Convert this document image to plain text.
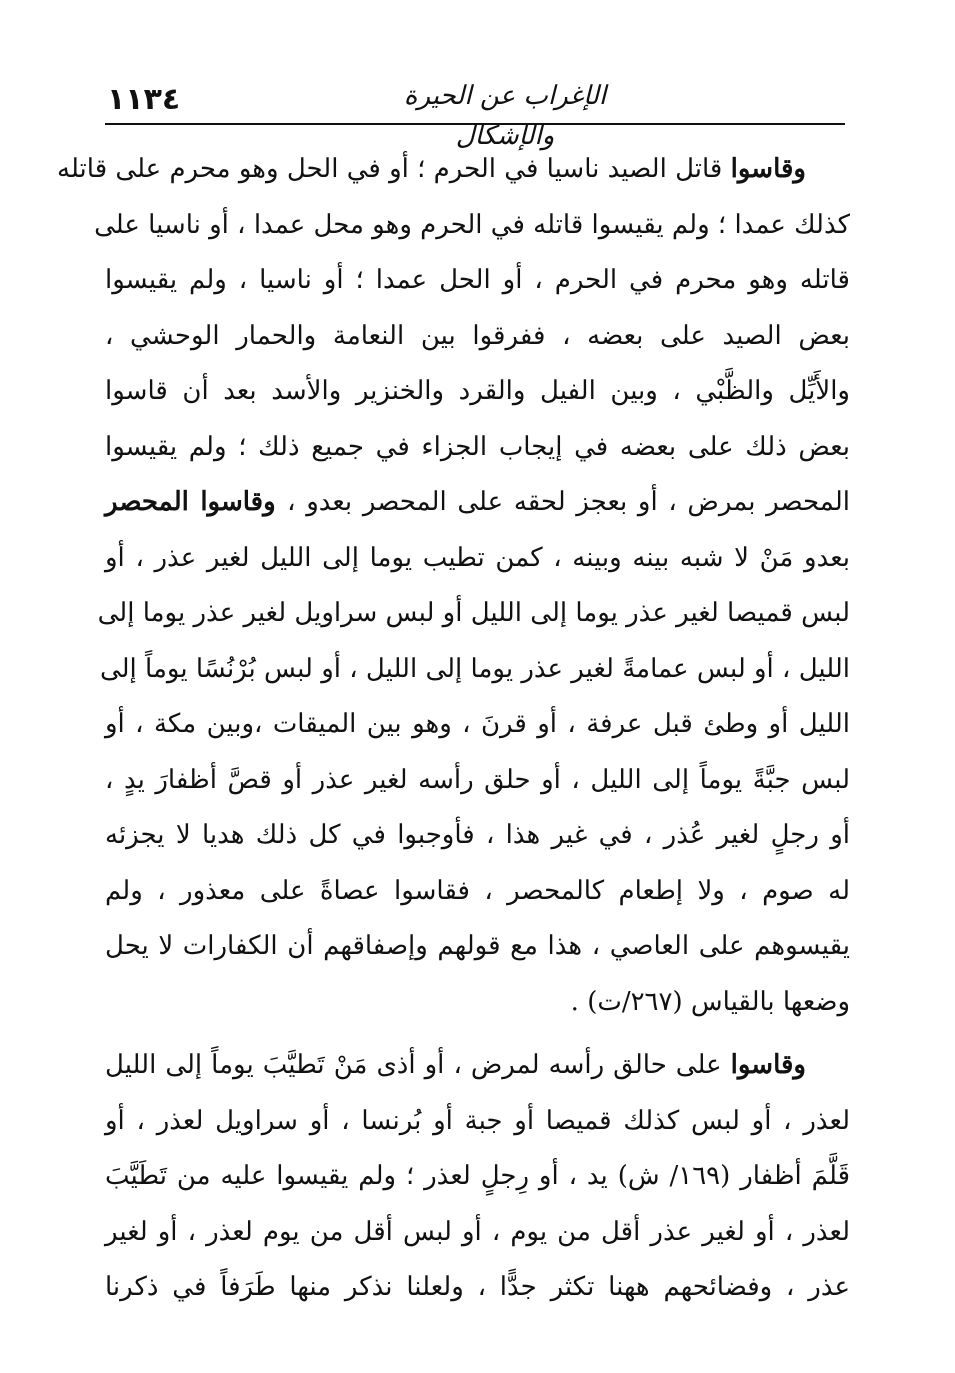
١١٣٤	الإغراب عن الحيرة والإشكال

وقاسوا قاتل الصيد ناسيا في الحرم ؛ أو في الحل وهو محرم على قاتله
كذلك عمدا ؛ ولم يقيسوا قاتله في الحرم وهو محل عمدا ، أو ناسيا على
قاتله وهو محرم في الحرم ، أو الحل عمدا ؛ أو ناسيا ، ولم يقيسوا
بعض الصيد على بعضه ، ففرقوا بين النعامة والحمار الوحشي ،
والأَيِّل والظَّبْي ، وبين الفيل والقرد والخنزير والأسد بعد أن قاسوا
بعض ذلك على بعضه في إيجاب الجزاء في جميع ذلك ؛ ولم يقيسوا
المحصر بمرض ، أو بعجز لحقه على المحصر بعدو ، وقاسوا المحصر
بعدو مَنْ لا شبه بينه وبينه ، كمن تطيب يوما إلى الليل لغير عذر ، أو
لبس قميصا لغير عذر يوما إلى الليل أو لبس سراويل لغير عذر يوما إلى
الليل ، أو لبس عمامةً لغير عذر يوما إلى الليل ، أو لبس بُرْنُسًا يوماً إلى
الليل أو وطئ قبل عرفة ، أو قرنَ ، وهو بين الميقات ،وبين مكة ، أو
لبس جبَّةً يوماً إلى الليل ، أو حلق رأسه لغير عذر أو قصَّ أظفارَ يدٍ ،
أو رجلٍ لغير عُذر ، في غير هذا ، فأوجبوا في كل ذلك هديا لا يجزئه
له صوم ، ولا إطعام كالمحصر ، فقاسوا عصاةً على معذور ، ولم
يقيسوهم على العاصي ، هذا مع قولهم وإصفاقهم أن الكفارات لا يحل
وضعها بالقياس (٢٦٧/ت) .

وقاسوا على حالق رأسه لمرض ، أو أذى مَنْ تَطيَّبَ يوماً إلى الليل
لعذر ، أو لبس كذلك قميصا أو جبة أو بُرنسا ، أو سراويل لعذر ، أو
قَلَّمَ أظفار (١٦٩/ ش) يد ، أو رِجلٍ لعذر ؛ ولم يقيسوا عليه من تَطَيَّبَ
لعذر ، أو لغير عذر أقل من يوم ، أو لبس أقل من يوم لعذر ، أو لغير
عذر ، وفضائحهم ههنا تكثر جدًّا ، ولعلنا نذكر منها طَرَفاً في ذكرنا
